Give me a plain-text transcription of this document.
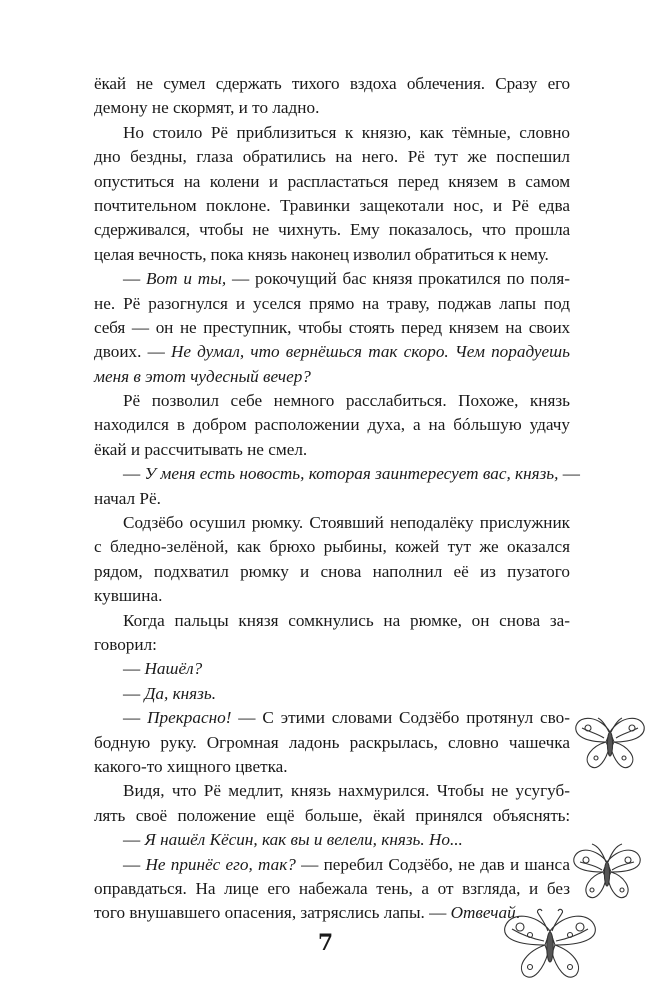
ёкай не сумел сдержать тихого вздоха облечения. Сразу его
демону не скормят, и то ладно.
Но стоило Рё приблизиться к князю, как тёмные, словно
дно бездны, глаза обратились на него. Рё тут же поспешил
опуститься на колени и распластаться перед князем в самом
почтительном поклоне. Травинки защекотали нос, и Рё едва
сдерживался, чтобы не чихнуть. Ему показалось, что прошла
целая вечность, пока князь наконец изволил обратиться к нему.
— Вот и ты, — рокочущий бас князя прокатился по поля-
не. Рё разогнулся и уселся прямо на траву, поджав лапы под
себя — он не преступник, чтобы стоять перед князем на своих
двоих. — Не думал, что вернёшься так скоро. Чем порадуешь
меня в этот чудесный вечер?
Рё позволил себе немного расслабиться. Похоже, князь
находился в добром расположении духа, а на бóльшую удачу
ёкай и рассчитывать не смел.
— У меня есть новость, которая заинтересует вас, князь, —
начал Рё.
Содзёбо осушил рюмку. Стоявший неподалёку прислужник
с бледно-зелёной, как брюхо рыбины, кожей тут же оказался
рядом, подхватил рюмку и снова наполнил её из пузатого
кувшина.
Когда пальцы князя сомкнулись на рюмке, он снова за-
говорил:
— Нашёл?
— Да, князь.
— Прекрасно! — С этими словами Содзёбо протянул сво-
бодную руку. Огромная ладонь раскрылась, словно чашечка
какого-то хищного цветка.
Видя, что Рё медлит, князь нахмурился. Чтобы не усугуб-
лять своё положение ещё больше, ёкай принялся объяснять:
— Я нашёл Кёсин, как вы и велели, князь. Но...
— Не принёс его, так? — перебил Содзёбо, не дав и шанса
оправдаться. На лице его набежала тень, а от взгляда, и без
того внушавшего опасения, затряслись лапы. — Отвечай.
7
